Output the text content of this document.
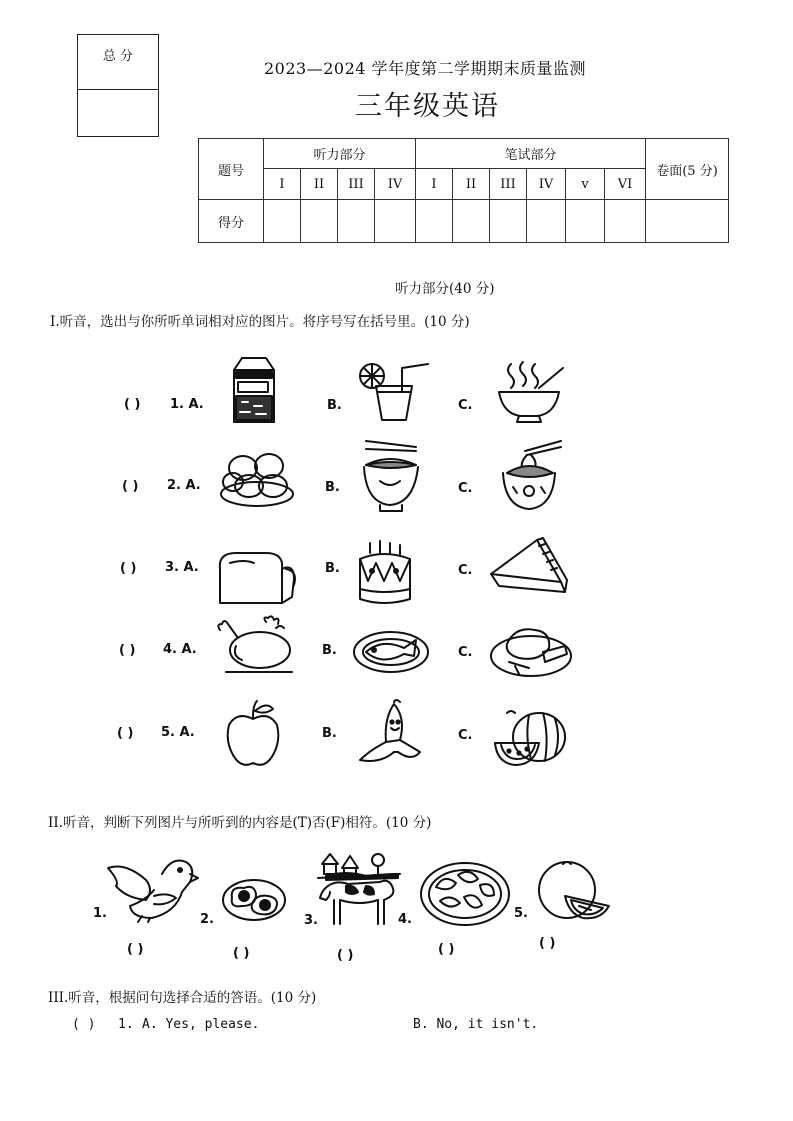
总 分
2023—2024 学年度第二学期期末质量监测
三年级英语
题号	听力部分				笔试部分						卷面(5 分)
	I	II	III	IV	I	II	III	IV	v	VI	
得分											
听力部分(40 分)
I.听音，选出与你所听单词相对应的图片。将序号写在括号里。(10 分)
( ) 1. A.	B.	C.
( ) 2. A.	B.	C.
( ) 3. A.	B.	C.
( ) 4. A.	B.	C.
( ) 5. A.	B.	C.
II.听音，判断下列图片与所听到的内容是(T)否(F)相符。(10 分)
1.
( )
2.
( )
3.
( )
4.
( )
5.
( )
III.听音，根据问句选择合适的答语。(10 分)
( ) 1. A. Yes, please.	B. No, it isn't.
